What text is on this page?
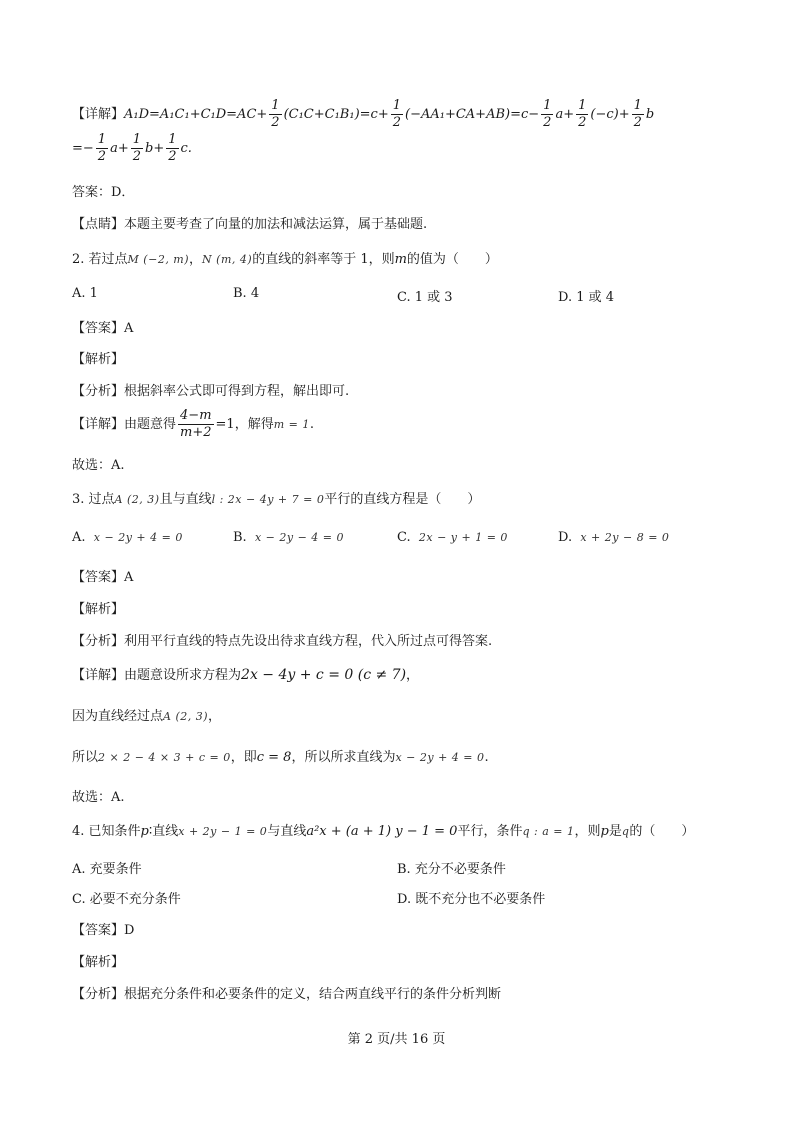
【详解】$A_1D=A_1C_1+C_1D=AC+ \frac{1}{2} (C_1C+C_1B_1)=c+ \frac{1}{2} (-AA_1+CA+AB)=c- \frac{1}{2} a+ \frac{1}{2} (-c)+ \frac{1}{2}$ b
=− $\frac{1}{2} a+ \frac{1}{2} b+ \frac{1}{2} c$.
答案：D．
【点睛】本题主要考查了向量的加法和减法运算，属于基础题.
2. 若过点M (−2, m)，N (m, 4)的直线的斜率等于 1，则m的值为（　　）
A. 1	B. 4	C. 1 或 3	D. 1 或 4
【答案】A
【解析】
【分析】根据斜率公式即可得到方程，解出即可.
【详解】由题意得 $\frac{4-m}{m+2} =1$，解得m = 1.
故选：A.
3. 过点A (2, 3)且与直线l : 2x − 4y + 7 = 0平行的直线方程是（　　）
A. x − 2y + 4 = 0	B. x − 2y − 4 = 0	C. 2x − y + 1 = 0	D. x + 2y − 8 = 0
【答案】A
【解析】
【分析】利用平行直线的特点先设出待求直线方程，代入所过点可得答案.
【详解】由题意设所求方程为2x − 4y + c = 0 (c ≠ 7)，
因为直线经过点A (2, 3)，
所以2 × 2 − 4 × 3 + c = 0，即c = 8，所以所求直线为x − 2y + 4 = 0.
故选：A.
4. 已知条件p∶直线x + 2y − 1 = 0与直线a²x + (a + 1) y − 1 = 0平行，条件q : a = 1，则p是q的（　　）
A. 充要条件	B. 充分不必要条件
C. 必要不充分条件	D. 既不充分也不必要条件
【答案】D
【解析】
【分析】根据充分条件和必要条件的定义，结合两直线平行的条件分析判断
第 2 页/共 16 页
